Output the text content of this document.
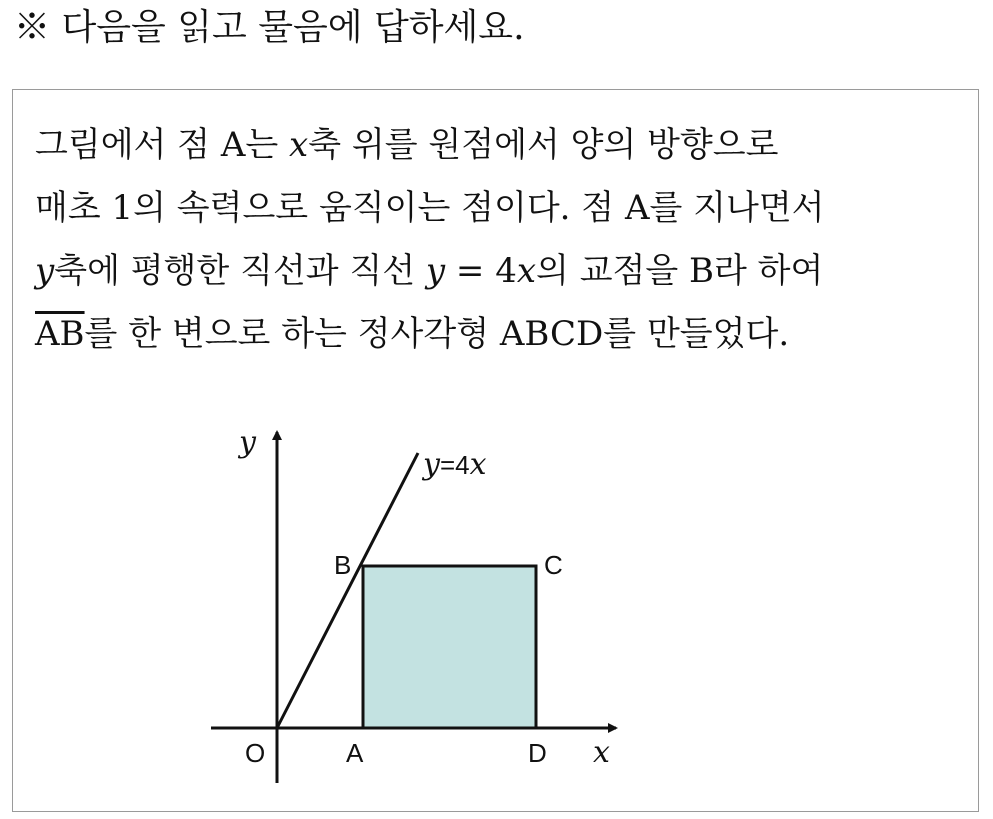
※ 다음을 읽고 물음에 답하세요.
그림에서 점 A는 x축 위를 원점에서 양의 방향으로
매초 1의 속력으로 움직이는 점이다. 점 A를 지나면서
y축에 평행한 직선과 직선 y = 4x의 교점을 B라 하여
$\overline{AB}$를 한 변으로 하는 정사각형 ABCD를 만들었다.
y
x
y=4x
O	A	D
B	C
